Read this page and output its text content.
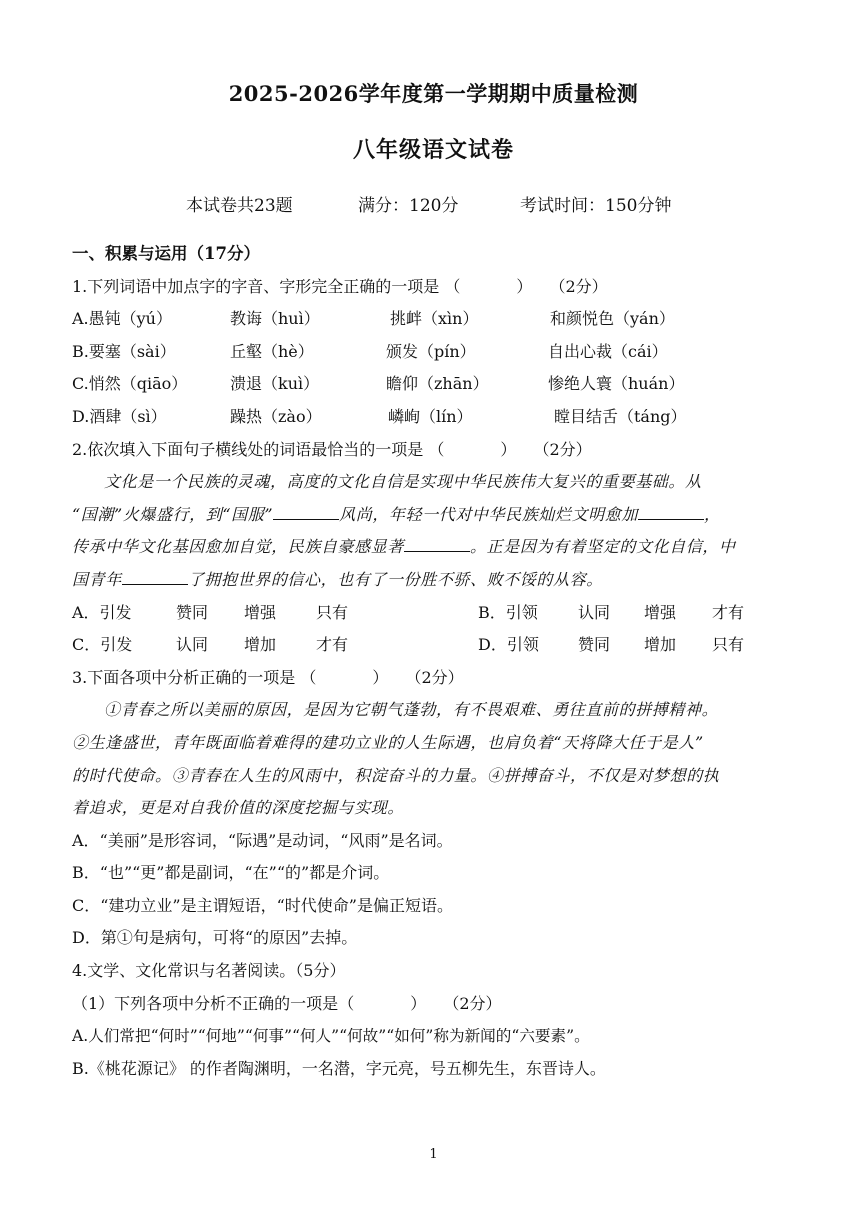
2025-2026学年度第一学期期中质量检测
八年级语文试卷
本试卷共23题	满分：120分	考试时间：150分钟
一、积累与运用（17分）
1.下列词语中加点字的字音、字形完全正确的一项是 （	） （2分）
A.愚钝（yú）	教诲（huì）	挑衅（xìn）	和颜悦色（yán）
B.要塞（sài）	丘壑（hè）	颁发（pín）	自出心裁（cái）
C.悄然（qiāo）	溃退（kuì）	瞻仰（zhān）	惨绝人寰（huán）
D.酒肆（sì）	躁热（zào）	嶙峋（lín）	瞠目结舌（táng）
2.依次填入下面句子横线处的词语最恰当的一项是 （	） （2分）
文化是一个民族的灵魂，高度的文化自信是实现中华民族伟大复兴的重要基础。从
“国潮”火爆盛行，到“国服”	风尚，年轻一代对中华民族灿烂文明愈加	，
传承中华文化基因愈加自觉，民族自豪感显著	。正是因为有着坚定的文化自信，中
国青年	了拥抱世界的信心，也有了一份胜不骄、败不馁的从容。
A．引发	赞同 增强 只有	B．引领	认同 增强 才有
C．引发	认同 增加 才有	D．引领 赞同 增加 只有
3.下面各项中分析正确的一项是 （	） （2分）
①青春之所以美丽的原因，是因为它朝气蓬勃，有不畏艰难、勇往直前的拼搏精神。
②生逢盛世，青年既面临着难得的建功立业的人生际遇，也肩负着“天将降大任于是人”
的时代使命。③青春在人生的风雨中，积淀奋斗的力量。④拼搏奋斗，不仅是对梦想的执
着追求，更是对自我价值的深度挖掘与实现。
A．“美丽”是形容词，“际遇”是动词，“风雨”是名词。
B．“也”“更”都是副词，“在”“的”都是介词。
C．“建功立业”是主谓短语，“时代使命”是偏正短语。
D．第①句是病句，可将“的原因”去掉。
4.文学、文化常识与名著阅读。（5分）
（1）下列各项中分析不正确的一项是（	） （2分）
A.人们常把“何时”“何地”“何事”“何人”“何故”“如何”称为新闻的“六要素”。
B.《桃花源记》 的作者陶渊明，一名潜，字元亮，号五柳先生，东晋诗人。
1
